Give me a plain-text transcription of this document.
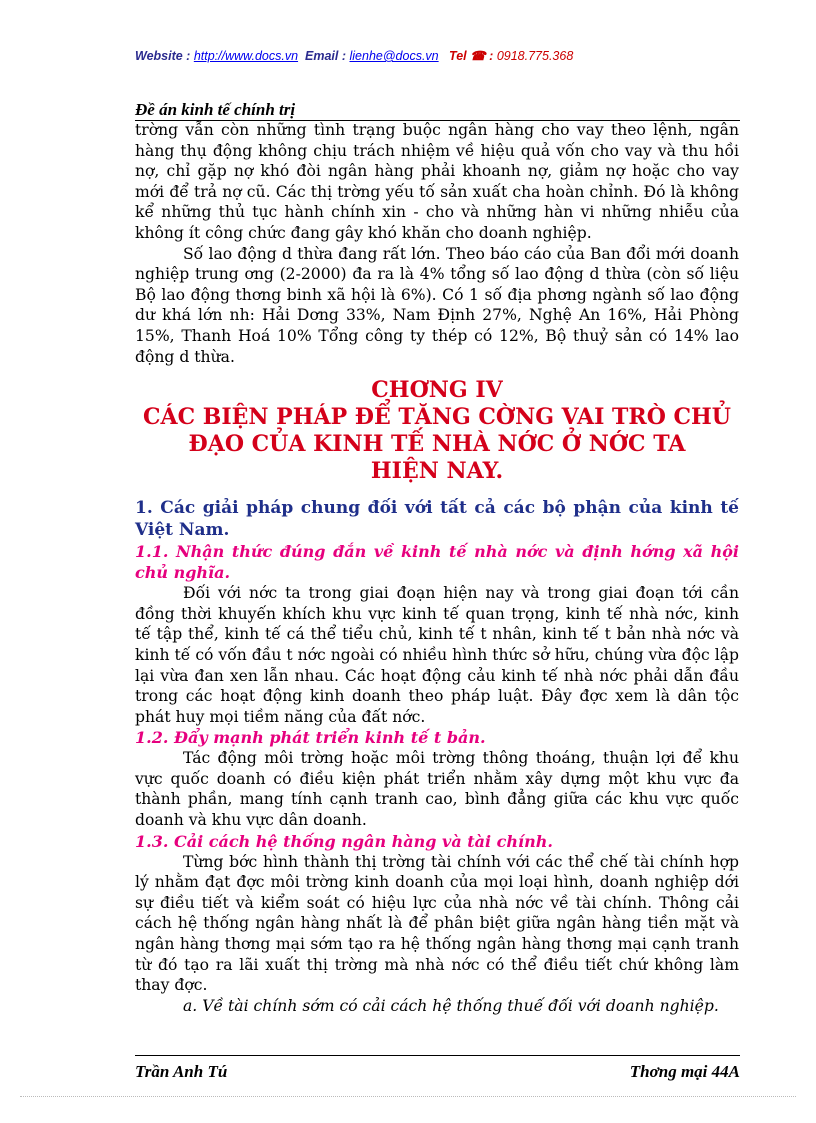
Website : http://www.docs.vn Email : lienhe@docs.vn Tel ☎ : 0918.775.368
Đề án kinh tế chính trị

trờng vẫn còn những tình trạng buộc ngân hàng cho vay theo lệnh, ngân hàng thụ động không chịu trách nhiệm về hiệu quả vốn cho vay và thu hồi nợ, chỉ gặp nợ khó đòi ngân hàng phải khoanh nợ, giảm nợ hoặc cho vay mới để trả nợ cũ. Các thị trờng yếu tố sản xuất cha hoàn chỉnh. Đó là không kể những thủ tục hành chính xin - cho và những hàn vi những nhiễu của không ít công chức đang gây khó khăn cho doanh nghiệp.

Số lao động d thừa đang rất lớn. Theo báo cáo của Ban đổi mới doanh nghiệp trung ơng (2-2000) đa ra là 4% tổng số lao động d thừa (còn số liệu Bộ lao động thơng binh xã hội là 6%). Có 1 số địa phơng ngành số lao động dư khá lớn nh: Hải Dơng 33%, Nam Định 27%, Nghệ An 16%, Hải Phòng 15%, Thanh Hoá 10% Tổng công ty thép có 12%, Bộ thuỷ sản có 14% lao động d thừa.

CHƠNG IV
CÁC BIỆN PHÁP ĐỂ TĂNG CỜNG VAI TRÒ CHỦ
ĐẠO CỦA KINH TẾ NHÀ NỚC Ở NỚC TA
HIỆN NAY.

1. Các giải pháp chung đối với tất cả các bộ phận của kinh tế Việt Nam.

1.1. Nhận thức đúng đắn về kinh tế nhà nớc và định hớng xã hội chủ nghĩa.

Đối với nớc ta trong giai đoạn hiện nay và trong giai đoạn tới cần đồng thời khuyến khích khu vực kinh tế quan trọng, kinh tế nhà nớc, kinh tế tập thể, kinh tế cá thể tiểu chủ, kinh tế t nhân, kinh tế t bản nhà nớc và kinh tế có vốn đầu t nớc ngoài có nhiều hình thức sở hữu, chúng vừa độc lập lại vừa đan xen lẫn nhau. Các hoạt động cảu kinh tế nhà nớc phải dẫn đầu trong các hoạt động kinh doanh theo pháp luật. Đây đợc xem là dân tộc phát huy mọi tiềm năng của đất nớc.

1.2. Đẩy mạnh phát triển kinh tế t bản.

Tác động môi trờng hoặc môi trờng thông thoáng, thuận lợi để khu vực quốc doanh có điều kiện phát triển nhằm xây dựng một khu vực đa thành phần, mang tính cạnh tranh cao, bình đẳng giữa các khu vực quốc doanh và khu vực dân doanh.

1.3. Cải cách hệ thống ngân hàng và tài chính.

Từng bớc hình thành thị trờng tài chính với các thể chế tài chính hợp lý nhằm đạt đợc môi trờng kinh doanh của mọi loại hình, doanh nghiệp dới sự điều tiết và kiểm soát có hiệu lực của nhà nớc về tài chính. Thông cải cách hệ thống ngân hàng nhất là để phân biệt giữa ngân hàng tiền mặt và ngân hàng thơng mại sớm tạo ra hệ thống ngân hàng thơng mại cạnh tranh từ đó tạo ra lãi xuất thị trờng mà nhà nớc có thể điều tiết chứ không làm thay đợc.

a. Về tài chính sớm có cải cách hệ thống thuế đối với doanh nghiệp.

Trần Anh Tú	Thơng mại 44A
